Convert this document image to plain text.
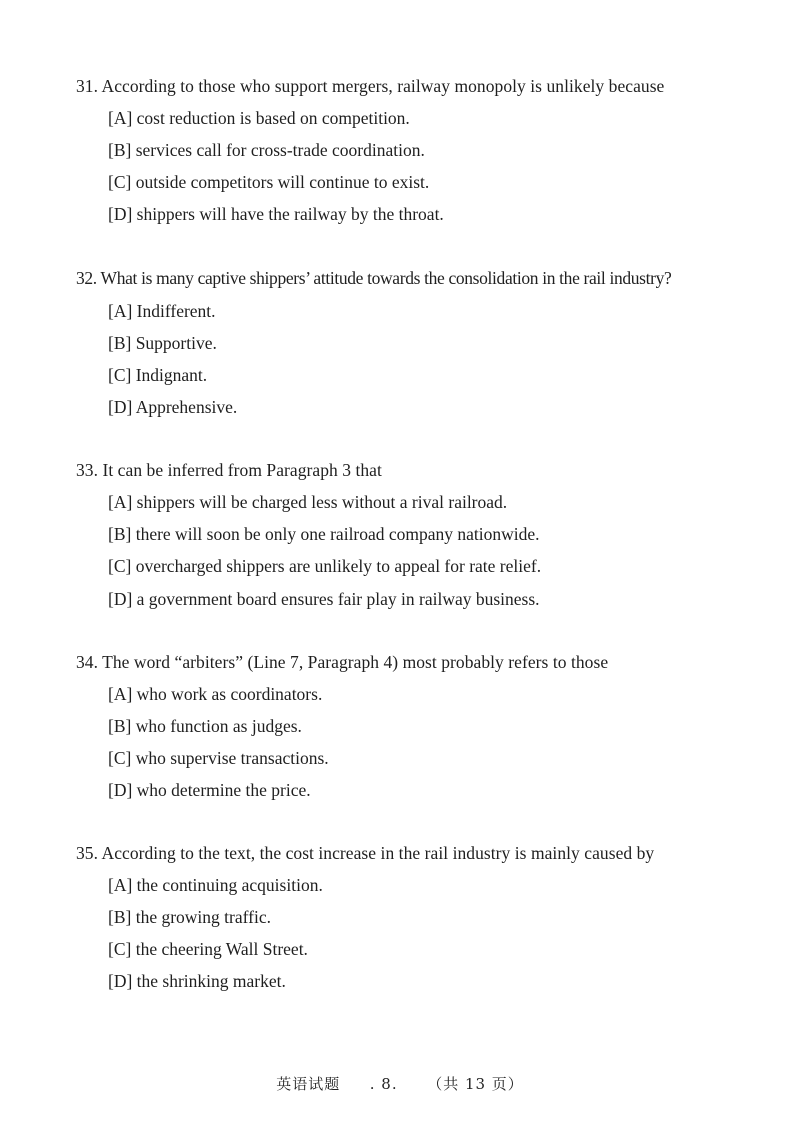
31. According to those who support mergers, railway monopoly is unlikely because
[A] cost reduction is based on competition.
[B] services call for cross-trade coordination.
[C] outside competitors will continue to exist.
[D] shippers will have the railway by the throat.
32. What is many captive shippers’ attitude towards the consolidation in the rail industry?
[A] Indifferent.
[B] Supportive.
[C] Indignant.
[D] Apprehensive.
33. It can be inferred from Paragraph 3 that
[A] shippers will be charged less without a rival railroad.
[B] there will soon be only one railroad company nationwide.
[C] overcharged shippers are unlikely to appeal for rate relief.
[D] a government board ensures fair play in railway business.
34. The word “arbiters” (Line 7, Paragraph 4) most probably refers to those
[A] who work as coordinators.
[B] who function as judges.
[C] who supervise transactions.
[D] who determine the price.
35. According to the text, the cost increase in the rail industry is mainly caused by
[A] the continuing acquisition.
[B] the growing traffic.
[C] the cheering Wall Street.
[D] the shrinking market.
英语试题 . 8. （共 13 页）
